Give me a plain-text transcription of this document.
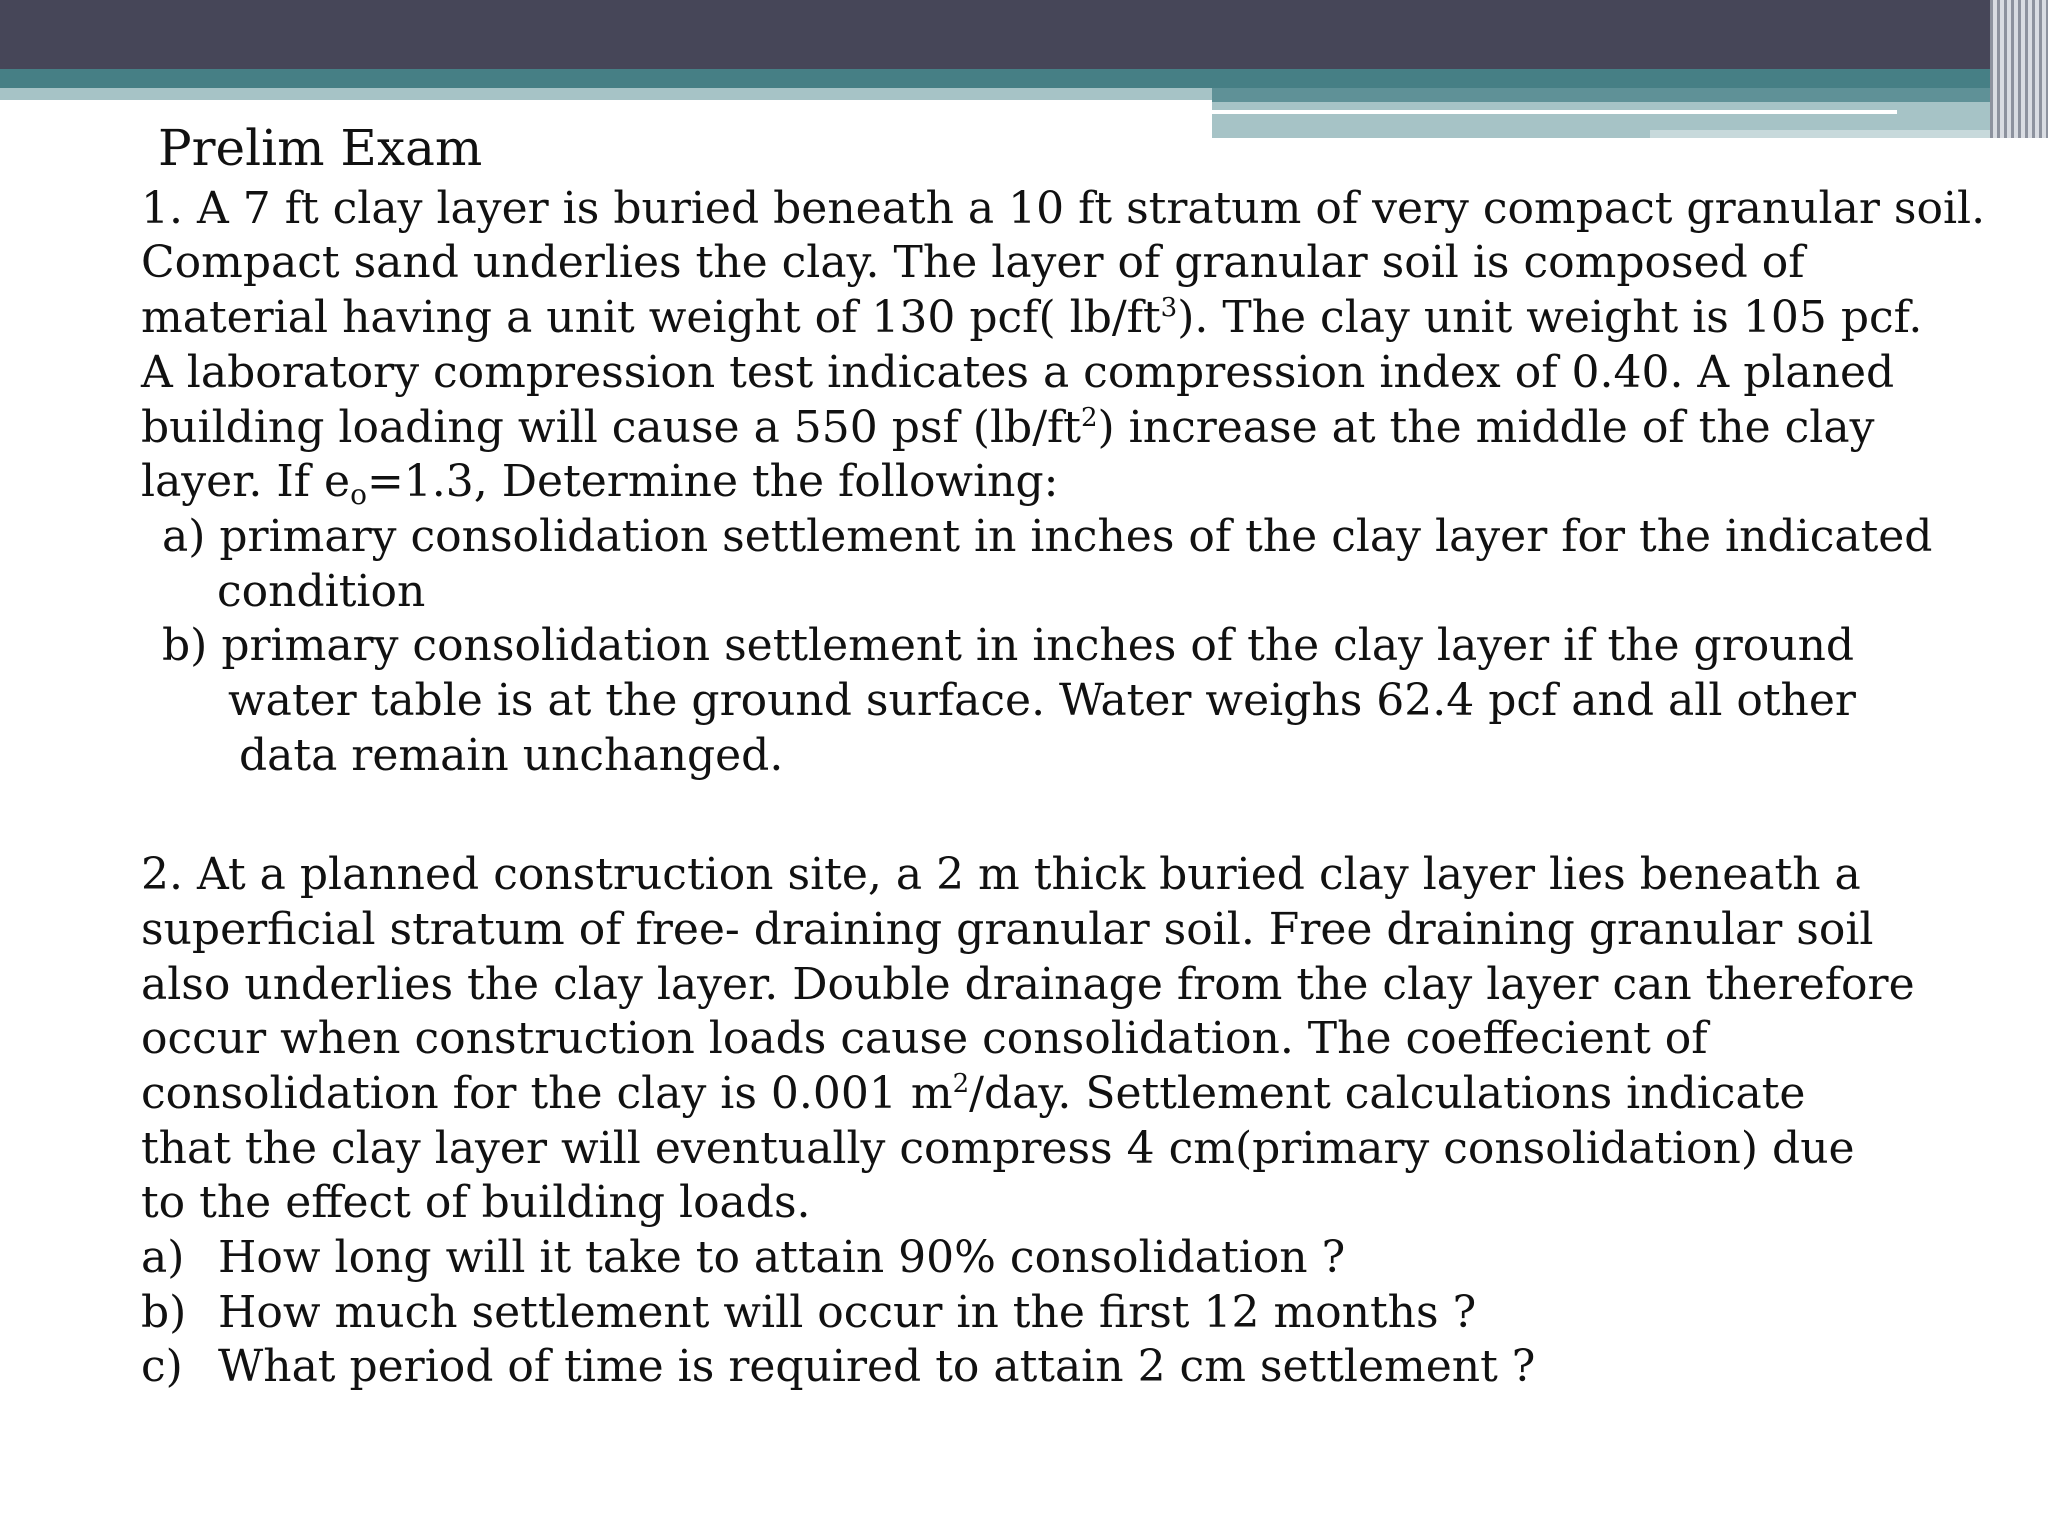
Prelim Exam

1. A 7 ft clay layer is buried beneath a 10 ft stratum of very compact granular soil.

Compact sand underlies the clay. The layer of granular soil is composed of

material having a unit weight of 130 pcf( $lb/ft^3$). The clay unit weight is 105 pcf.

A laboratory compression test indicates a compression index of 0.40. A planed

building loading will cause a 550 psf $(lb/ft^2)$ increase at the middle of the clay

layer. If $e_o=1.3$, Determine the following:

a) primary consolidation settlement in inches of the clay layer for the indicated

condition

b) primary consolidation settlement in inches of the clay layer if the ground

water table is at the ground surface. Water weighs 62.4 pcf and all other

data remain unchanged.

2. At a planned construction site, a 2 m thick buried clay layer lies beneath a

superficial stratum of free- draining granular soil. Free draining granular soil

also underlies the clay layer. Double drainage from the clay layer can therefore

occur when construction loads cause consolidation. The coeffecient of

consolidation for the clay is 0.001 $m^2$/day. Settlement calculations indicate

that the clay layer will eventually compress 4 cm(primary consolidation) due

to the effect of building loads.

a) How long will it take to attain 90% consolidation ?

b) How much settlement will occur in the first 12 months ?

c) What period of time is required to attain 2 cm settlement ?
